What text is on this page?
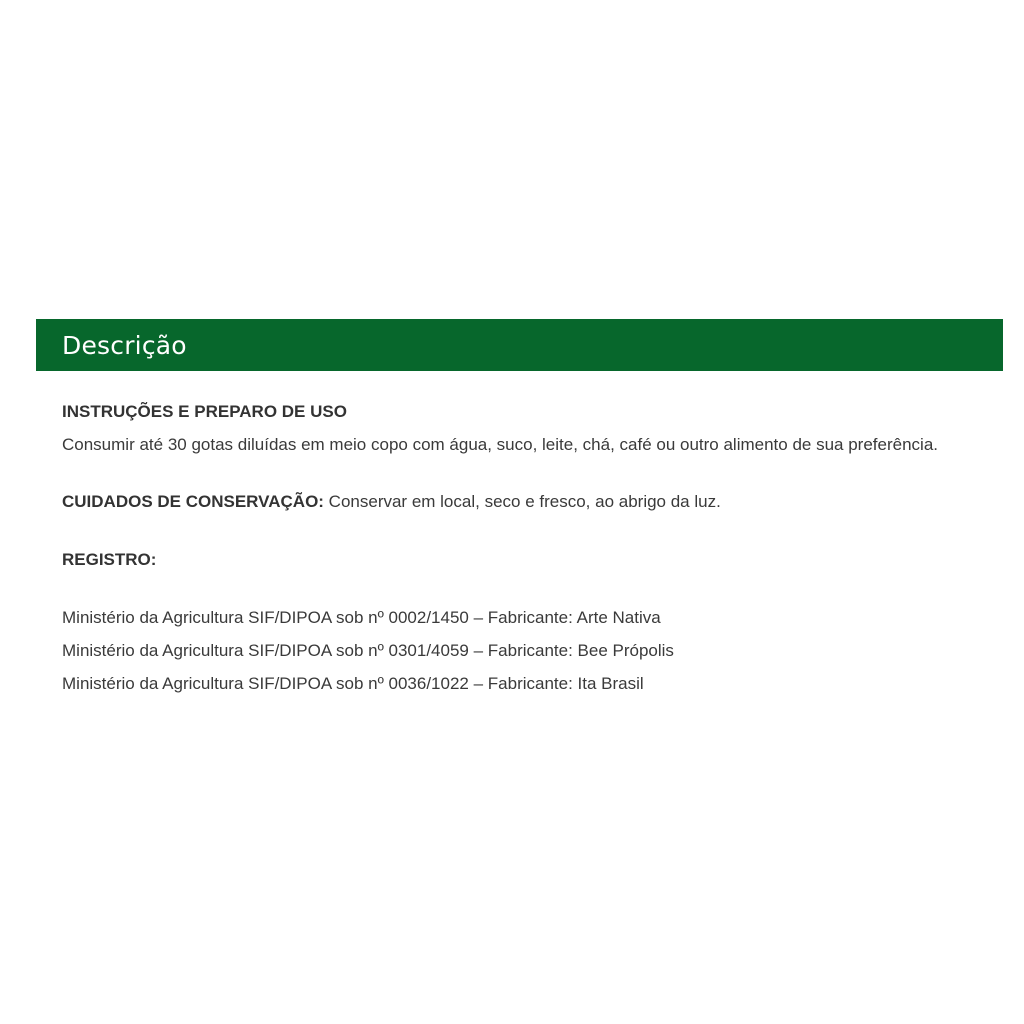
Descrição
INSTRUÇÕES E PREPARO DE USO
Consumir até 30 gotas diluídas em meio copo com água, suco, leite, chá, café ou outro alimento de sua preferência.
CUIDADOS DE CONSERVAÇÃO: Conservar em local, seco e fresco, ao abrigo da luz.
REGISTRO:
Ministério da Agricultura SIF/DIPOA sob nº 0002/1450 – Fabricante: Arte Nativa
Ministério da Agricultura SIF/DIPOA sob nº 0301/4059 – Fabricante: Bee Própolis
Ministério da Agricultura SIF/DIPOA sob nº 0036/1022 – Fabricante: Ita Brasil
